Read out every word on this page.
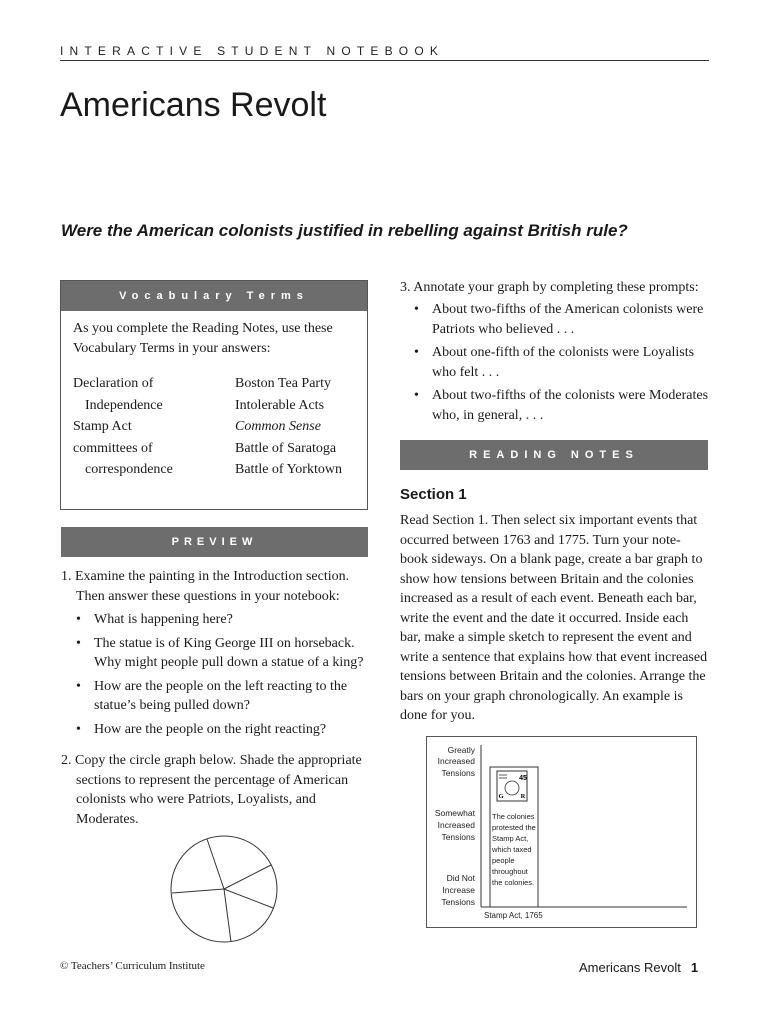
INTERACTIVE STUDENT NOTEBOOK
Americans Revolt
Were the American colonists justified in rebelling against British rule?
Vocabulary Terms
As you complete the Reading Notes, use these Vocabulary Terms in your answers:
Declaration of
Independence
Stamp Act
committees of
correspondence
Boston Tea Party
Intolerable Acts
Common Sense
Battle of Saratoga
Battle of Yorktown
PREVIEW
1. Examine the painting in the Introduction section. Then answer these questions in your notebook:
• What is happening here?
• The statue is of King George III on horseback. Why might people pull down a statue of a king?
• How are the people on the left reacting to the statue’s being pulled down?
• How are the people on the right reacting?
2. Copy the circle graph below. Shade the appropriate sections to represent the percentage of American colonists who were Patriots, Loyalists, and Moderates.
3. Annotate your graph by completing these prompts:
• About two-fifths of the American colonists were Patriots who believed . . .
• About one-fifth of the colonists were Loyalists who felt . . .
• About two-fifths of the colonists were Moderates who, in general, . . .
READING NOTES
Section 1
Read Section 1. Then select six important events that occurred between 1763 and 1775. Turn your note-book sideways. On a blank page, create a bar graph to show how tensions between Britain and the colonies increased as a result of each event. Beneath each bar, write the event and the date it occurred. Inside each bar, make a simple sketch to represent the event and write a sentence that explains how that event increased tensions between Britain and the colonies. Arrange the bars on your graph chronologically. An example is done for you.
Greatly
Increased
Tensions
Somewhat
Increased
Tensions
Did Not
Increase
Tensions
45
G	R
The colonies
protested the
Stamp Act,
which taxed
people
throughout
the colonies.
Stamp Act, 1765
© Teachers’ Curriculum Institute	Americans Revolt 1
